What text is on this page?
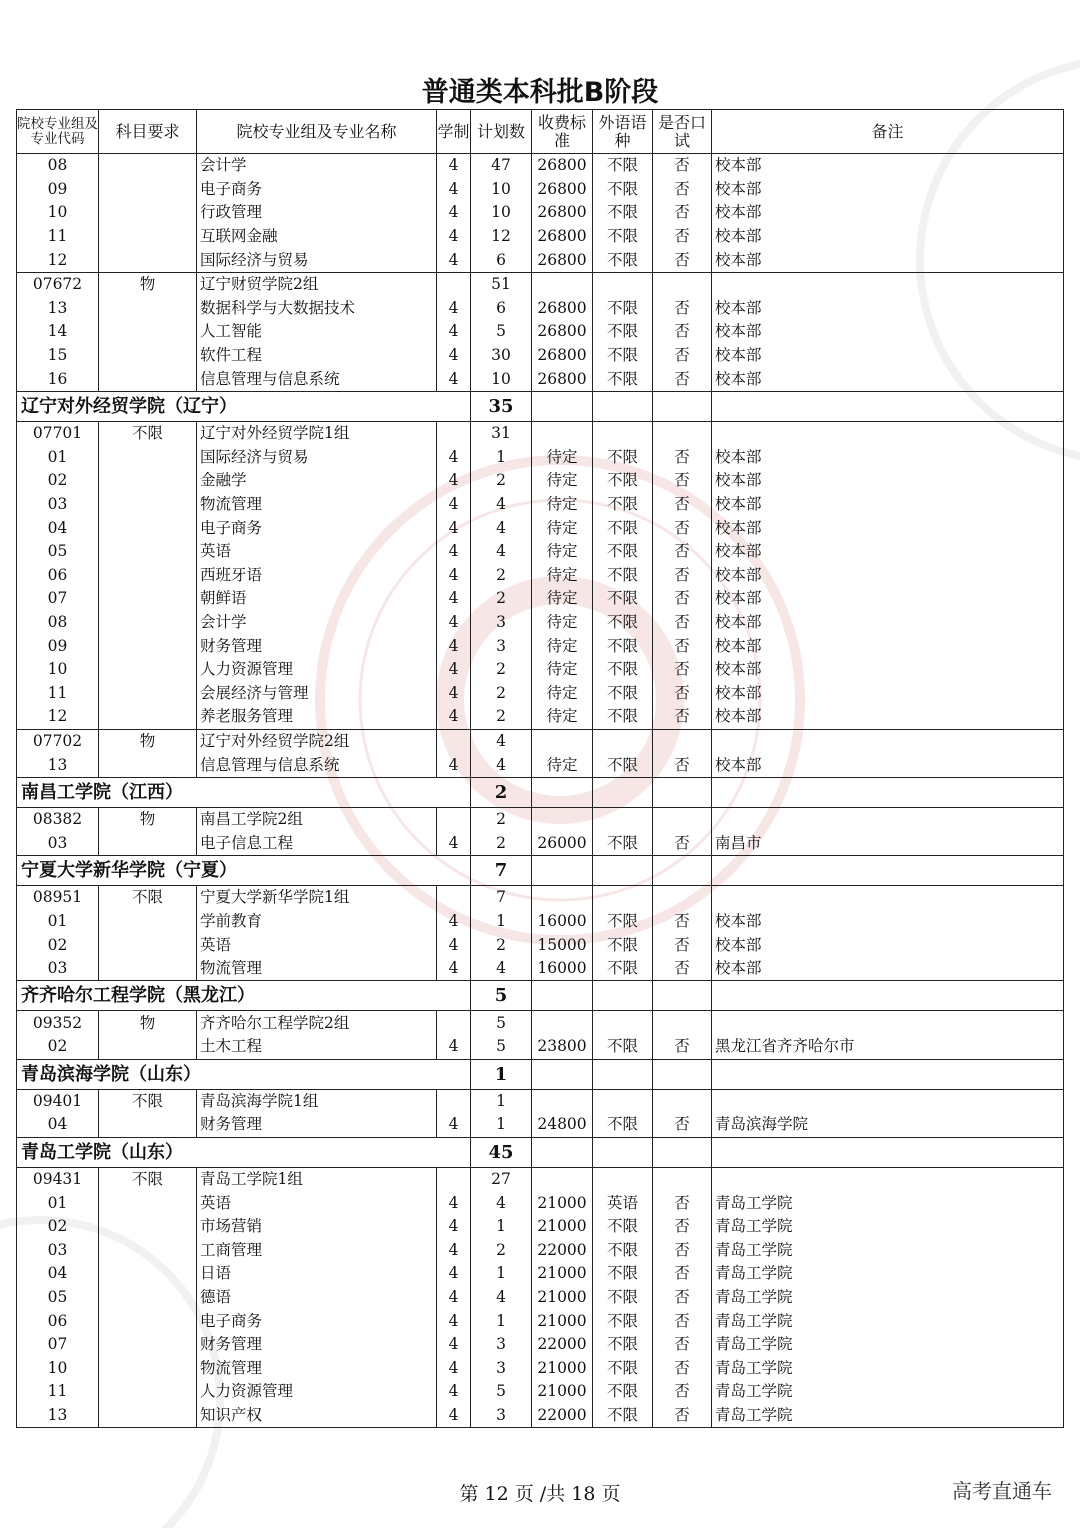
普通类本科批B阶段
院校专业组及专业代码	科目要求	院校专业组及专业名称	学制	计划数	收费标准	外语语种	是否口试	备注
08		会计学	4	47	26800	不限	否	校本部
09		电子商务	4	10	26800	不限	否	校本部
10		行政管理	4	10	26800	不限	否	校本部
11		互联网金融	4	12	26800	不限	否	校本部
12		国际经济与贸易	4	6	26800	不限	否	校本部
07672	物	辽宁财贸学院2组		51				
13		数据科学与大数据技术	4	6	26800	不限	否	校本部
14		人工智能	4	5	26800	不限	否	校本部
15		软件工程	4	30	26800	不限	否	校本部
16		信息管理与信息系统	4	10	26800	不限	否	校本部
辽宁对外经贸学院（辽宁）				35				
07701	不限	辽宁对外经贸学院1组		31				
01		国际经济与贸易	4	1	待定	不限	否	校本部
02		金融学	4	2	待定	不限	否	校本部
03		物流管理	4	4	待定	不限	否	校本部
04		电子商务	4	4	待定	不限	否	校本部
05		英语	4	4	待定	不限	否	校本部
06		西班牙语	4	2	待定	不限	否	校本部
07		朝鲜语	4	2	待定	不限	否	校本部
08		会计学	4	3	待定	不限	否	校本部
09		财务管理	4	3	待定	不限	否	校本部
10		人力资源管理	4	2	待定	不限	否	校本部
11		会展经济与管理	4	2	待定	不限	否	校本部
12		养老服务管理	4	2	待定	不限	否	校本部
07702	物	辽宁对外经贸学院2组		4				
13		信息管理与信息系统	4	4	待定	不限	否	校本部
南昌工学院（江西）				2				
08382	物	南昌工学院2组		2				
03		电子信息工程	4	2	26000	不限	否	南昌市
宁夏大学新华学院（宁夏）				7				
08951	不限	宁夏大学新华学院1组		7				
01		学前教育	4	1	16000	不限	否	校本部
02		英语	4	2	15000	不限	否	校本部
03		物流管理	4	4	16000	不限	否	校本部
齐齐哈尔工程学院（黑龙江）				5				
09352	物	齐齐哈尔工程学院2组		5				
02		土木工程	4	5	23800	不限	否	黑龙江省齐齐哈尔市
青岛滨海学院（山东）				1				
09401	不限	青岛滨海学院1组		1				
04		财务管理	4	1	24800	不限	否	青岛滨海学院
青岛工学院（山东）				45				
09431	不限	青岛工学院1组		27				
01		英语	4	4	21000	英语	否	青岛工学院
02		市场营销	4	1	21000	不限	否	青岛工学院
03		工商管理	4	2	22000	不限	否	青岛工学院
04		日语	4	1	21000	不限	否	青岛工学院
05		德语	4	4	21000	不限	否	青岛工学院
06		电子商务	4	1	21000	不限	否	青岛工学院
07		财务管理	4	3	22000	不限	否	青岛工学院
10		物流管理	4	3	21000	不限	否	青岛工学院
11		人力资源管理	4	5	21000	不限	否	青岛工学院
13		知识产权	4	3	22000	不限	否	青岛工学院
第 12 页 /共 18 页	高考直通车
